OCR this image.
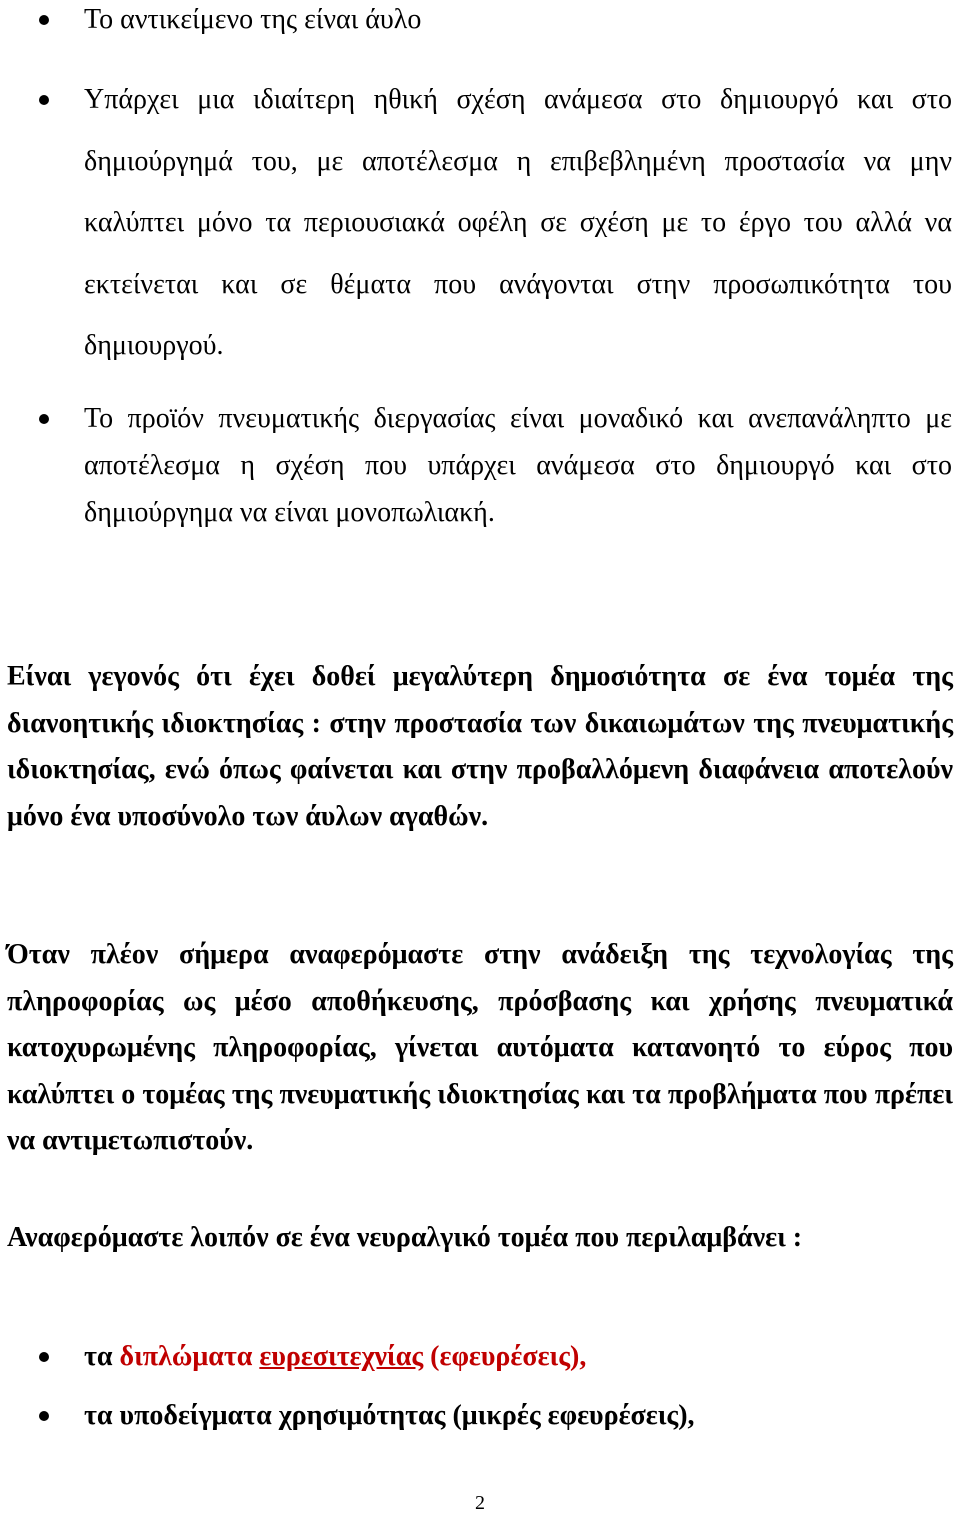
Το αντικείμενο της είναι άυλο
Υπάρχει μια ιδιαίτερη ηθική σχέση ανάμεσα στο δημιουργό και στο δημιούργημά του, με αποτέλεσμα η επιβεβλημένη προστασία να μην καλύπτει μόνο τα περιουσιακά οφέλη σε σχέση με το έργο του αλλά να εκτείνεται και σε θέματα που ανάγονται στην προσωπικότητα του δημιουργού.
Το προϊόν πνευματικής διεργασίας είναι μοναδικό και ανεπανάληπτο με αποτέλεσμα η σχέση που υπάρχει ανάμεσα στο δημιουργό και στο δημιούργημα να είναι μονοπωλιακή.

Είναι γεγονός ότι έχει δοθεί μεγαλύτερη δημοσιότητα σε ένα τομέα της διανοητικής ιδιοκτησίας : στην προστασία των δικαιωμάτων της πνευματικής ιδιοκτησίας, ενώ όπως φαίνεται και στην προβαλλόμενη διαφάνεια αποτελούν μόνο ένα υποσύνολο των άυλων αγαθών.

Όταν πλέον σήμερα αναφερόμαστε στην ανάδειξη της τεχνολογίας της πληροφορίας ως μέσο αποθήκευσης, πρόσβασης και χρήσης πνευματικά κατοχυρωμένης πληροφορίας, γίνεται αυτόματα κατανοητό το εύρος που καλύπτει ο τομέας της πνευματικής ιδιοκτησίας και τα προβλήματα που πρέπει να αντιμετωπιστούν.

Αναφερόμαστε λοιπόν σε ένα νευραλγικό τομέα που περιλαμβάνει :

τα διπλώματα ευρεσιτεχνίας (εφευρέσεις),
τα υποδείγματα χρησιμότητας (μικρές εφευρέσεις),
2
